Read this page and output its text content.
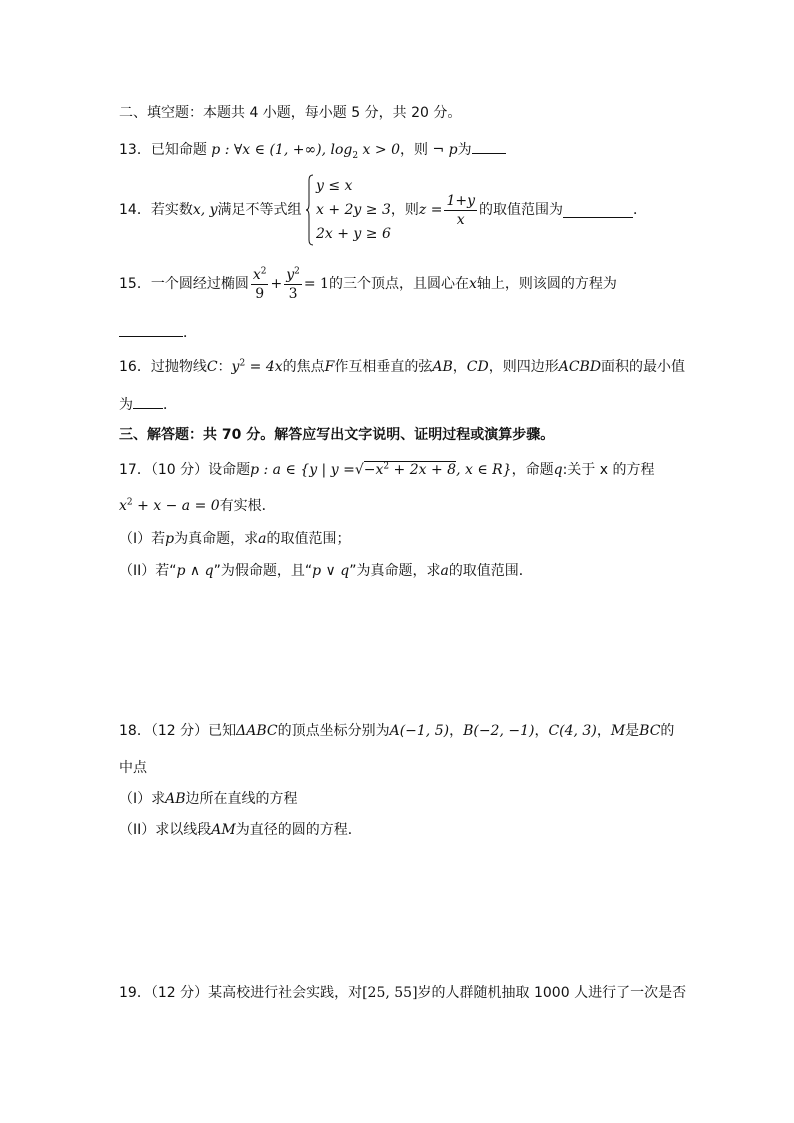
二、填空题：本题共 4 小题，每小题 5 分，共 20 分。
13．已知命题 p : ∀x ∈ (1, +∞), $\log_2 x > 0$，则 ¬ p为
14．若实数x, y满足不等式组
y ≤ x
x + 2y ≥ 3
2x + y ≥ 6
，则$z = \frac{1+y}{x}$ 的取值范围为	．
15．一个圆经过椭圆 $\frac{x^2}{9} + \frac{y^2}{3} = 1$的三个顶点，且圆心在x轴上，则该圆的方程为
．
16．过抛物线C：$y^2 = 4x$的焦点F作互相垂直的弦AB，CD，则四边形ACBD面积的最小值
为 ．
三、解答题：共 70 分。解答应写出文字说明、证明过程或演算步骤。
17．（10 分）设命题p : a ∈ {y | $y =√-x^2 + 2x + 8$, x ∈ R}，命题q:关于 x 的方程
$x^2 + x - a = 0$有实根．
（I）若p为真命题，求a的取值范围；
（II）若“p ∧ q”为假命题，且“p ∨ q”为真命题，求a的取值范围．
18．（12 分）已知ΔABC的顶点坐标分别为A(−1, 5)，B(−2, −1)，C(4, 3)，M是BC的
中点
（I）求AB边所在直线的方程
（II）求以线段AM为直径的圆的方程．
19．（12 分）某高校进行社会实践，对[25, 55]岁的人群随机抽取 1000 人进行了一次是否
